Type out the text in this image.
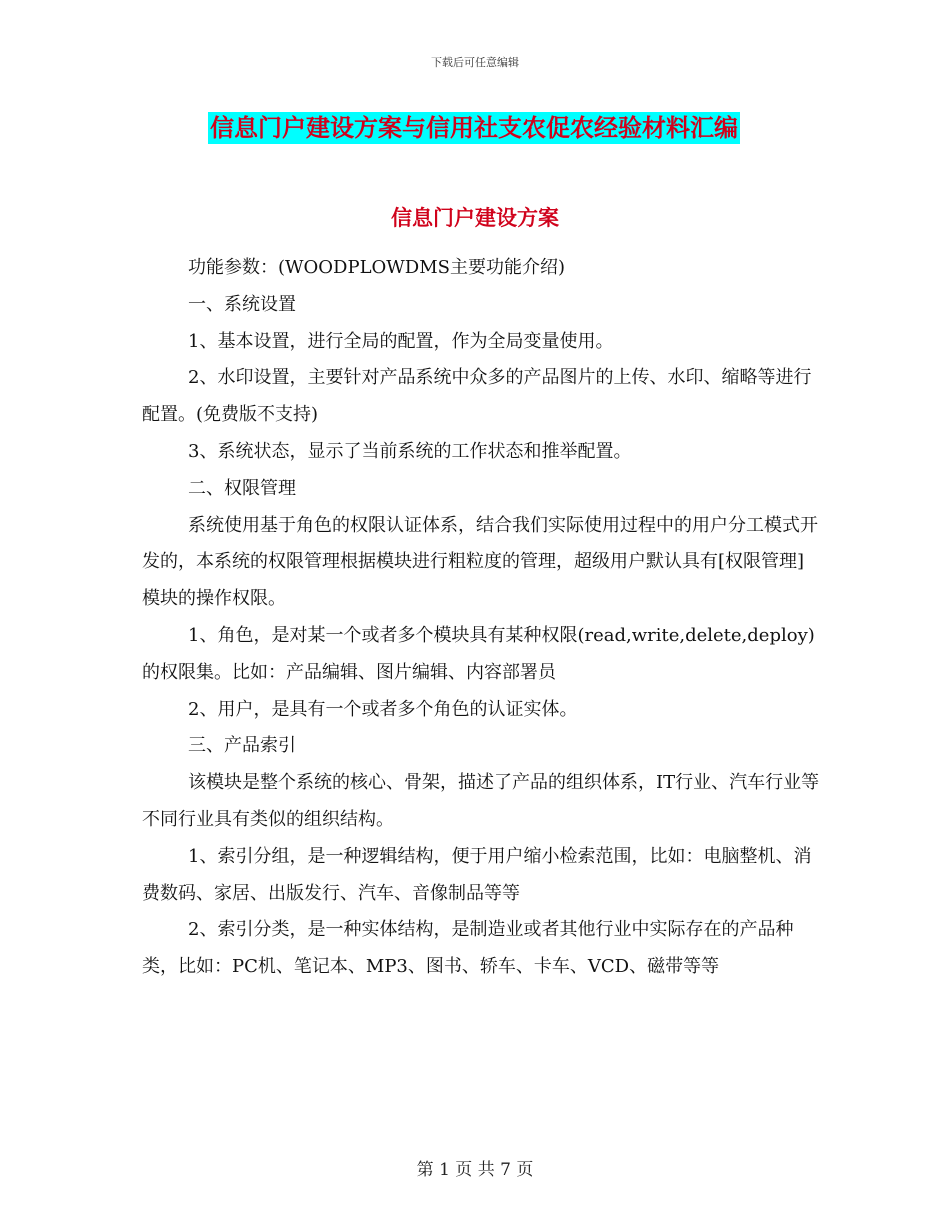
下载后可任意编辑
信息门户建设方案与信用社支农促农经验材料汇编
信息门户建设方案

功能参数：(WOODPLOWDMS主要功能介绍)

一、系统设置

1、基本设置，进行全局的配置，作为全局变量使用。

2、水印设置，主要针对产品系统中众多的产品图片的上传、水印、缩略等进行配置。(免费版不支持)

3、系统状态，显示了当前系统的工作状态和推举配置。

二、权限管理

系统使用基于角色的权限认证体系，结合我们实际使用过程中的用户分工模式开发的，本系统的权限管理根据模块进行粗粒度的管理，超级用户默认具有[权限管理]模块的操作权限。

1、角色，是对某一个或者多个模块具有某种权限(read,write,delete,deploy)的权限集。比如：产品编辑、图片编辑、内容部署员

2、用户，是具有一个或者多个角色的认证实体。

三、产品索引

该模块是整个系统的核心、骨架，描述了产品的组织体系，IT行业、汽车行业等不同行业具有类似的组织结构。

1、索引分组，是一种逻辑结构，便于用户缩小检索范围，比如：电脑整机、消费数码、家居、出版发行、汽车、音像制品等等

2、索引分类，是一种实体结构，是制造业或者其他行业中实际存在的产品种类，比如：PC机、笔记本、MP3、图书、轿车、卡车、VCD、磁带等等

第 1 页 共 7 页
